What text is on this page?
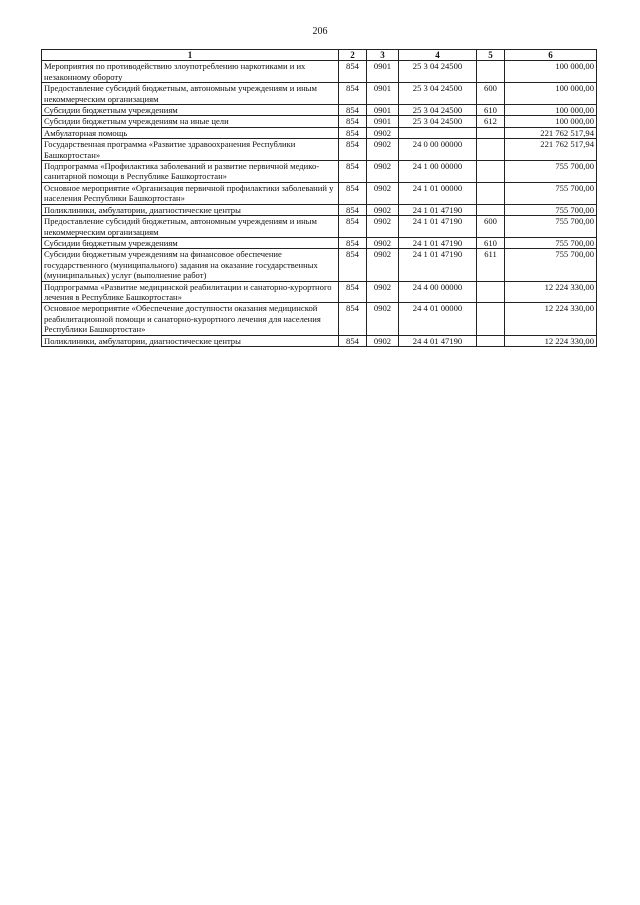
206
1	2	3	4	5	6
Мероприятия по противодействию злоупотреблению наркотиками и их незаконному обороту	854	0901	25 3 04 24500		100 000,00
Предоставление субсидий бюджетным, автономным учреждениям и иным некоммерческим организациям	854	0901	25 3 04 24500	600	100 000,00
Субсидии бюджетным учреждениям	854	0901	25 3 04 24500	610	100 000,00
Субсидии бюджетным учреждениям на иные цели	854	0901	25 3 04 24500	612	100 000,00
Амбулаторная помощь	854	0902			221 762 517,94
Государственная программа «Развитие здравоохранения Республики Башкортостан»	854	0902	24 0 00 00000		221 762 517,94
Подпрограмма «Профилактика заболеваний и развитие первичной медико-санитарной помощи в Республике Башкортостан»	854	0902	24 1 00 00000		755 700,00
Основное мероприятие «Организация первичной профилактики заболеваний у населения Республики Башкортостан»	854	0902	24 1 01 00000		755 700,00
Поликлиники, амбулатории, диагностические центры	854	0902	24 1 01 47190		755 700,00
Предоставление субсидий бюджетным, автономным учреждениям и иным некоммерческим организациям	854	0902	24 1 01 47190	600	755 700,00
Субсидии бюджетным учреждениям	854	0902	24 1 01 47190	610	755 700,00
Субсидии бюджетным учреждениям на финансовое обеспечение государственного (муниципального) задания на оказание государственных (муниципальных) услуг (выполнение работ)	854	0902	24 1 01 47190	611	755 700,00
Подпрограмма «Развитие медицинской реабилитации и санаторно-курортного лечения в Республике Башкортостан»	854	0902	24 4 00 00000		12 224 330,00
Основное мероприятие «Обеспечение доступности оказания медицинской реабилитационной помощи и санаторно-курортного лечения для населения Республики Башкортостан»	854	0902	24 4 01 00000		12 224 330,00
Поликлиники, амбулатории, диагностические центры	854	0902	24 4 01 47190		12 224 330,00
